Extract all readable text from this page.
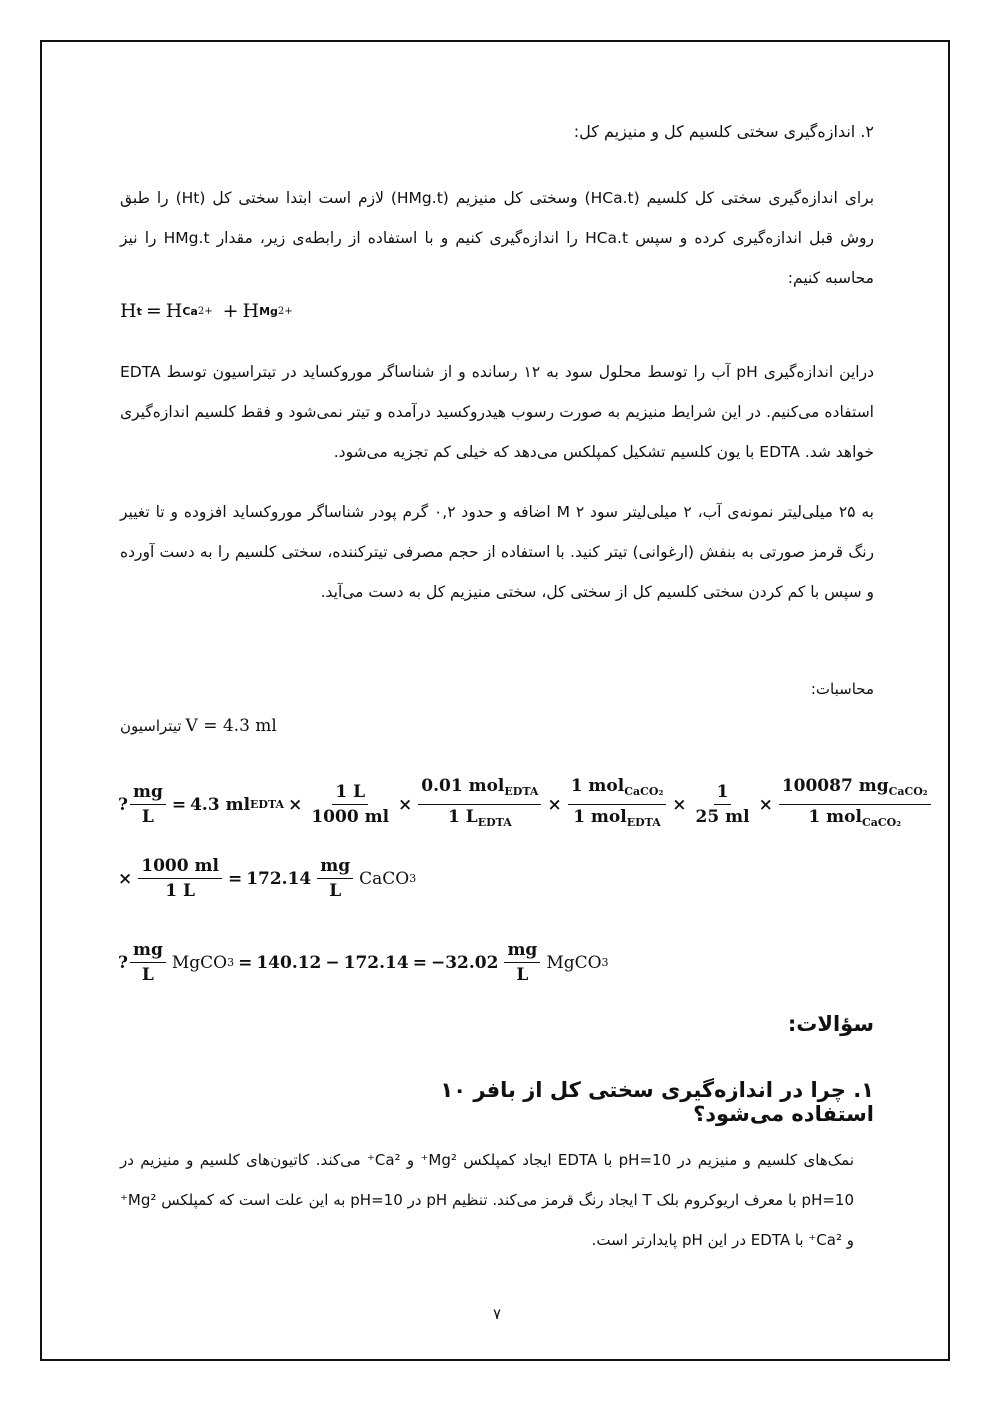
۲. اندازه‌گیری سختی کلسیم کل و منیزیم کل:
برای اندازه‌گیری سختی کل کلسیم (HCa.t) وسختی کل منیزیم (HMg.t) لازم است ابتدا سختی کل (Ht) را طبق روش قبل اندازه‌گیری کرده و سپس HCa.t را اندازه‌گیری کنیم و با استفاده از رابطه‌ی زیر، مقدار HMg.t را نیز محاسبه کنیم:
H t = H Ca 2+ + H Mg 2+
دراین اندازه‌گیری pH آب را توسط محلول سود به ۱۲ رسانده و از شناساگر موروکساید در تیتراسیون توسط EDTA استفاده می‌کنیم. در این شرایط منیزیم به صورت رسوب هیدروکسید درآمده و تیتر نمی‌شود و فقط کلسیم اندازه‌گیری خواهد شد. EDTA با یون کلسیم تشکیل کمپلکس می‌دهد که خیلی کم تجزیه می‌شود.
به ۲۵ میلی‌لیتر نمونه‌ی آب، ۲ میلی‌لیتر سود ۲ M اضافه و حدود ۰,۲ گرم پودر شناساگر موروکساید افزوده و تا تغییر رنگ قرمز صورتی به بنفش (ارغوانی) تیتر کنید. با استفاده از حجم مصرفی تیترکننده، سختی کلسیم را به دست آورده و سپس با کم کردن سختی کلسیم کل از سختی کل، سختی منیزیم کل به دست می‌آید.
محاسبات:
تیتراسیون V = 4.3 ml
? $\frac{mg}{L} = 4.3$ ml EDTA × $\frac{1 L}{1000 ml} \times \frac{0.01 mol_{EDTA}}{1 L_{EDTA}} \times \frac{1 mol_{CaCO_2}}{1 mol_{EDTA}} \times \frac{1}{25 ml} \times \frac{100087 mg_{CaCO_2}}{1 mol_{CaCO_2}}$
× $\frac{1000 ml}{1 L} = 172.14 \frac{mg}{L}$ CaCO 3
? $\frac{mg}{L}$ MgCO $3 = 140.12 - 172.14 = -32.02 \frac{mg}{L}$ MgCO 3
سؤالات:
۱. چرا در اندازه‌گیری سختی کل از بافر ۱۰ استفاده می‌شود؟
نمک‌های کلسیم و منیزیم در pH=10 با EDTA ایجاد کمپلکس Mg²⁺ و Ca²⁺ می‌کند. کاتیون‌های کلسیم و منیزیم در pH=10 با معرف اریوکروم بلک T ایجاد رنگ قرمز می‌کند. تنظیم pH در pH=10 به این علت است که کمپلکس Mg²⁺ و Ca²⁺ با EDTA در این pH پایدارتر است.
۷
